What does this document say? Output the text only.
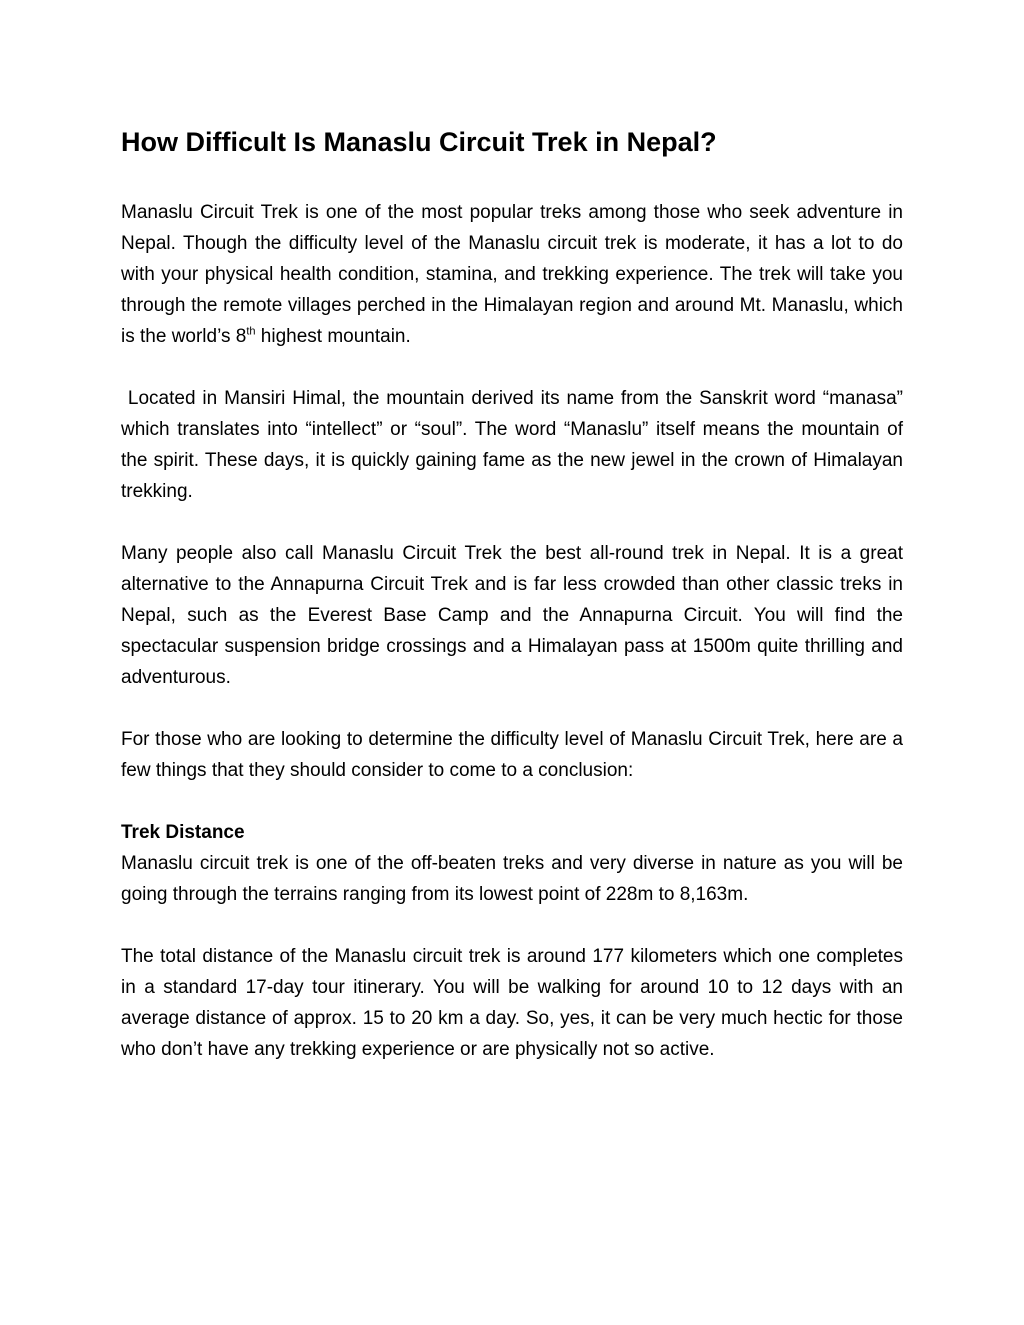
How Difficult Is Manaslu Circuit Trek in Nepal?

Manaslu Circuit Trek is one of the most popular treks among those who seek adventure in Nepal. Though the difficulty level of the Manaslu circuit trek is moderate, it has a lot to do with your physical health condition, stamina, and trekking experience. The trek will take you through the remote villages perched in the Himalayan region and around Mt. Manaslu, which is the world’s 8th highest mountain.

Located in Mansiri Himal, the mountain derived its name from the Sanskrit word “manasa” which translates into “intellect” or “soul”. The word “Manaslu” itself means the mountain of the spirit. These days, it is quickly gaining fame as the new jewel in the crown of Himalayan trekking.

Many people also call Manaslu Circuit Trek the best all-round trek in Nepal. It is a great alternative to the Annapurna Circuit Trek and is far less crowded than other classic treks in Nepal, such as the Everest Base Camp and the Annapurna Circuit. You will find the spectacular suspension bridge crossings and a Himalayan pass at 1500m quite thrilling and adventurous.

For those who are looking to determine the difficulty level of Manaslu Circuit Trek, here are a few things that they should consider to come to a conclusion:

Trek Distance

Manaslu circuit trek is one of the off-beaten treks and very diverse in nature as you will be going through the terrains ranging from its lowest point of 228m to 8,163m.

The total distance of the Manaslu circuit trek is around 177 kilometers which one completes in a standard 17-day tour itinerary. You will be walking for around 10 to 12 days with an average distance of approx. 15 to 20 km a day. So, yes, it can be very much hectic for those who don’t have any trekking experience or are physically not so active.
